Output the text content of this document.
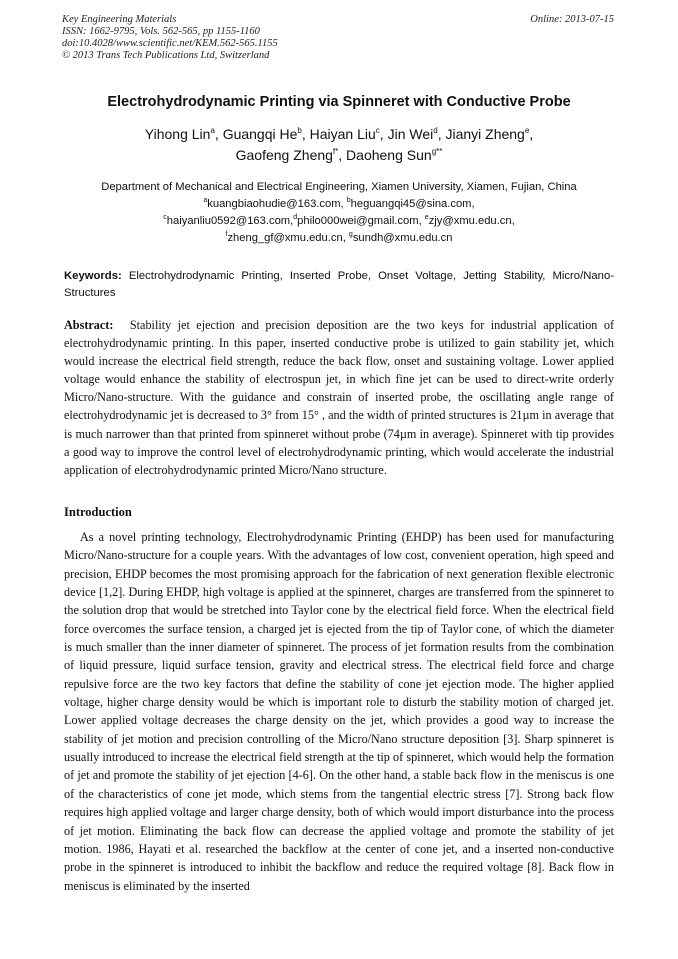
Key Engineering Materials
ISSN: 1662-9795, Vols. 562-565, pp 1155-1160
doi:10.4028/www.scientific.net/KEM.562-565.1155
© 2013 Trans Tech Publications Ltd, Switzerland
Online: 2013-07-15
Electrohydrodynamic Printing via Spinneret with Conductive Probe
Yihong Lin$^a$, Guangqi He$^b$, Haiyan Liu$^c$, Jin Wei$^d$, Jianyi Zheng$^e$,
Gaofeng Zheng$^{f*}$, Daoheng Sun$^{g**}$
Department of Mechanical and Electrical Engineering, Xiamen University, Xiamen, Fujian, China
$^a$kuangbiaohudie@163.com, $^b$heguangqi45@sina.com,
$^c$haiyanliu0592@163.com,$^d$philo000wei@gmail.com, $^e$zjy@xmu.edu.cn,
$^f$zheng_gf@xmu.edu.cn, $^g$sundh@xmu.edu.cn
Keywords: Electrohydrodynamic Printing, Inserted Probe, Onset Voltage, Jetting Stability, Micro/Nano-Structures
Abstract: Stability jet ejection and precision deposition are the two keys for industrial application of electrohydrodynamic printing. In this paper, inserted conductive probe is utilized to gain stability jet, which would increase the electrical field strength, reduce the back flow, onset and sustaining voltage. Lower applied voltage would enhance the stability of electrospun jet, in which fine jet can be used to direct-write orderly Micro/Nano-structure. With the guidance and constrain of inserted probe, the oscillating angle range of electrohydrodynamic jet is decreased to 3° from 15° , and the width of printed structures is 21µm in average that is much narrower than that printed from spinneret without probe (74µm in average). Spinneret with tip provides a good way to improve the control level of electrohydrodynamic printing, which would accelerate the industrial application of electrohydrodynamic printed Micro/Nano structure.
Introduction
As a novel printing technology, Electrohydrodynamic Printing (EHDP) has been used for manufacturing Micro/Nano-structure for a couple years. With the advantages of low cost, convenient operation, high speed and precision, EHDP becomes the most promising approach for the fabrication of next generation flexible electronic device [1,2]. During EHDP, high voltage is applied at the spinneret, charges are transferred from the spinneret to the solution drop that would be stretched into Taylor cone by the electrical field force. When the electrical field force overcomes the surface tension, a charged jet is ejected from the tip of Taylor cone, of which the diameter is much smaller than the inner diameter of spinneret. The process of jet formation results from the combination of liquid pressure, liquid surface tension, gravity and electrical stress. The electrical field force and charge repulsive force are the two key factors that define the stability of cone jet ejection mode. The higher applied voltage, higher charge density would be which is important role to disturb the stability motion of charged jet. Lower applied voltage decreases the charge density on the jet, which provides a good way to increase the stability of jet motion and precision controlling of the Micro/Nano structure deposition [3]. Sharp spinneret is usually introduced to increase the electrical field strength at the tip of spinneret, which would help the formation of jet and promote the stability of jet ejection [4-6]. On the other hand, a stable back flow in the meniscus is one of the characteristics of cone jet mode, which stems from the tangential electric stress [7]. Strong back flow requires high applied voltage and larger charge density, both of which would import disturbance into the process of jet motion. Eliminating the back flow can decrease the applied voltage and promote the stability of jet motion. 1986, Hayati et al. researched the backflow at the center of cone jet, and a inserted non-conductive probe in the spinneret is introduced to inhibit the backflow and reduce the required voltage [8]. Back flow in meniscus is eliminated by the inserted
